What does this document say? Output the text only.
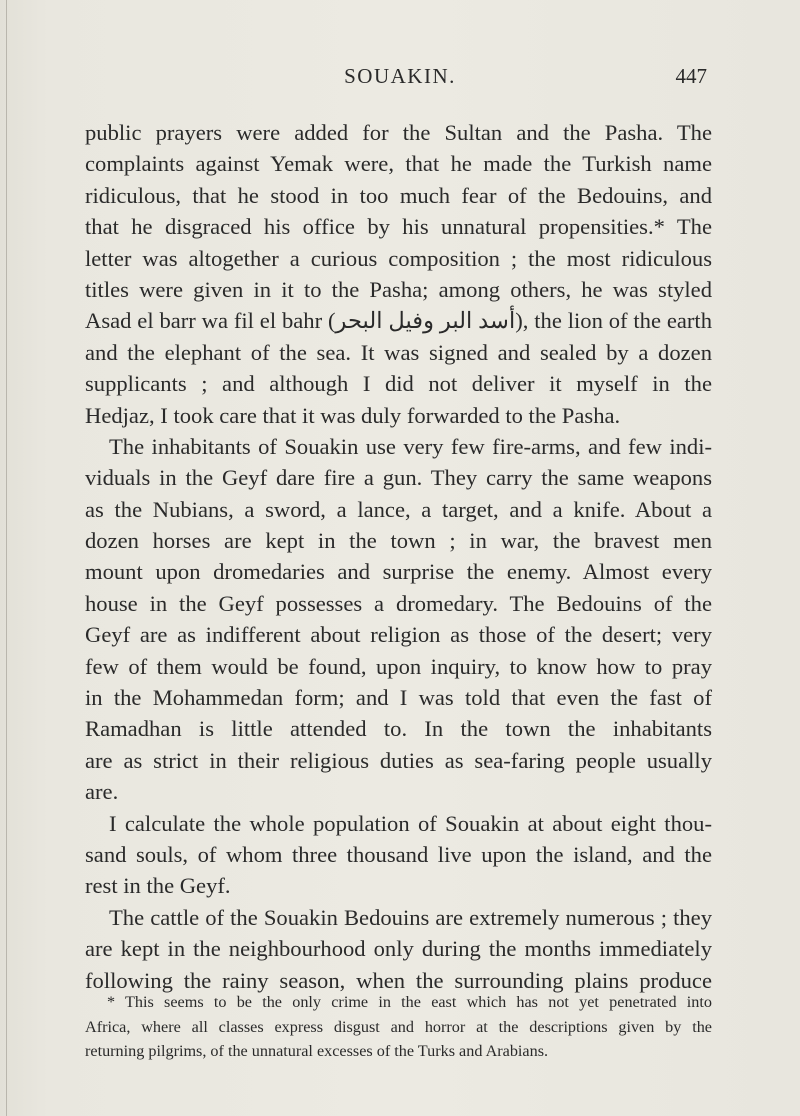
SOUAKIN.	447
public prayers were added for the Sultan and the Pasha. The
complaints against Yemak were, that he made the Turkish name
ridiculous, that he stood in too much fear of the Bedouins, and
that he disgraced his office by his unnatural propensities.* The
letter was altogether a curious composition ; the most ridiculous
titles were given in it to the Pasha; among others, he was styled
Asad el barr wa fil el bahr (أسد البر وفيل البحر), the lion of the earth
and the elephant of the sea. It was signed and sealed by a dozen
supplicants ; and although I did not deliver it myself in the
Hedjaz, I took care that it was duly forwarded to the Pasha.
The inhabitants of Souakin use very few fire-arms, and few indi-
viduals in the Geyf dare fire a gun. They carry the same weapons
as the Nubians, a sword, a lance, a target, and a knife. About a
dozen horses are kept in the town ; in war, the bravest men
mount upon dromedaries and surprise the enemy. Almost every
house in the Geyf possesses a dromedary. The Bedouins of the
Geyf are as indifferent about religion as those of the desert; very
few of them would be found, upon inquiry, to know how to pray
in the Mohammedan form; and I was told that even the fast of
Ramadhan is little attended to. In the town the inhabitants
are as strict in their religious duties as sea-faring people usually
are.
I calculate the whole population of Souakin at about eight thou-
sand souls, of whom three thousand live upon the island, and the
rest in the Geyf.
The cattle of the Souakin Bedouins are extremely numerous ; they
are kept in the neighbourhood only during the months immediately
following the rainy season, when the surrounding plains produce
* This seems to be the only crime in the east which has not yet penetrated into
Africa, where all classes express disgust and horror at the descriptions given by the
returning pilgrims, of the unnatural excesses of the Turks and Arabians.
